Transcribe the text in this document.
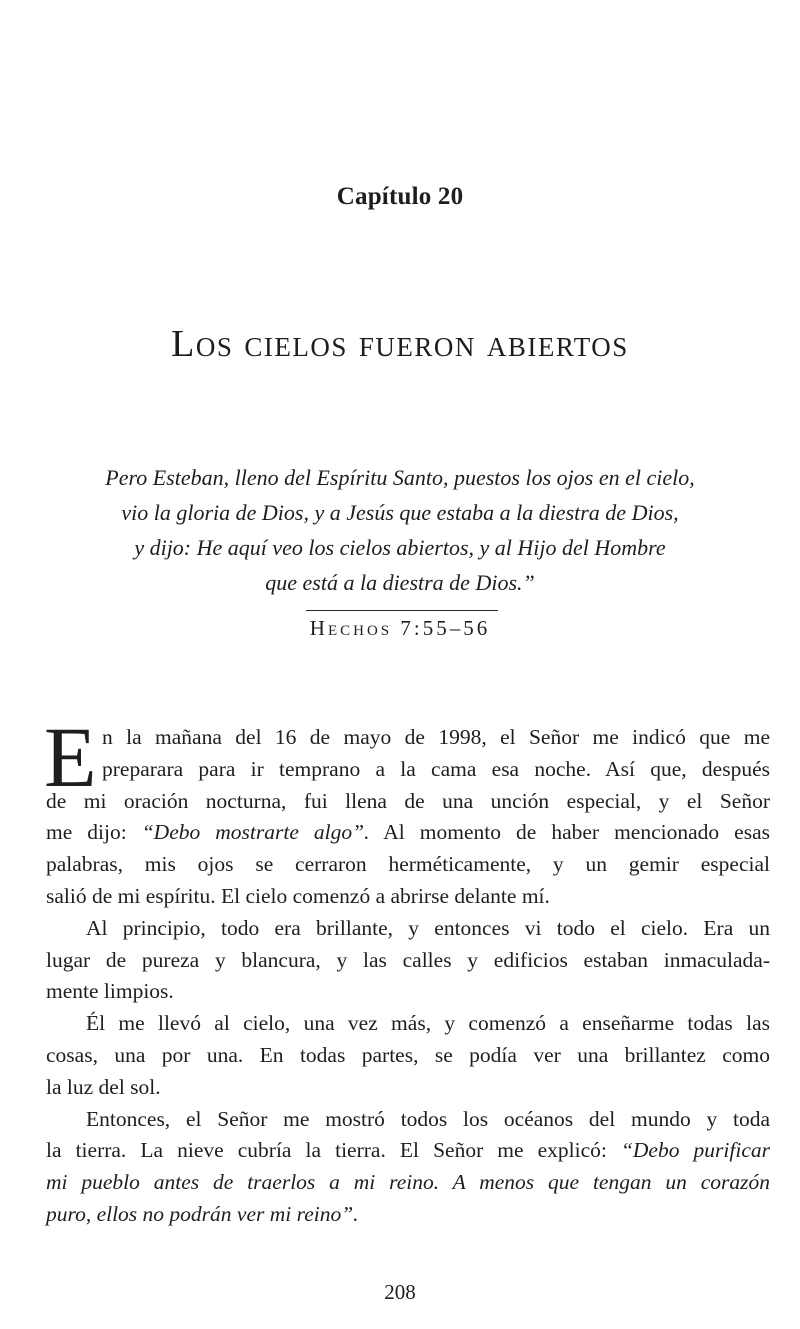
Capítulo 20
Los cielos fueron abiertos
Pero Esteban, lleno del Espíritu Santo, puestos los ojos en el cielo,
vio la gloria de Dios, y a Jesús que estaba a la diestra de Dios,
y dijo: He aquí veo los cielos abiertos, y al Hijo del Hombre
que está a la diestra de Dios.”
Hechos 7:55–56
E n la mañana del 16 de mayo de 1998, el Señor me indicó que me
preparara para ir temprano a la cama esa noche. Así que, después
de mi oración nocturna, fui llena de una unción especial, y el Señor
me dijo: “Debo mostrarte algo”. Al momento de haber mencionado esas
palabras, mis ojos se cerraron herméticamente, y un gemir especial
salió de mi espíritu. El cielo comenzó a abrirse delante mí.
Al principio, todo era brillante, y entonces vi todo el cielo. Era un
lugar de pureza y blancura, y las calles y edificios estaban inmaculada-
mente limpios.
Él me llevó al cielo, una vez más, y comenzó a enseñarme todas las
cosas, una por una. En todas partes, se podía ver una brillantez como
la luz del sol.
Entonces, el Señor me mostró todos los océanos del mundo y toda
la tierra. La nieve cubría la tierra. El Señor me explicó: “Debo purificar
mi pueblo antes de traerlos a mi reino. A menos que tengan un corazón
puro, ellos no podrán ver mi reino”.
208
